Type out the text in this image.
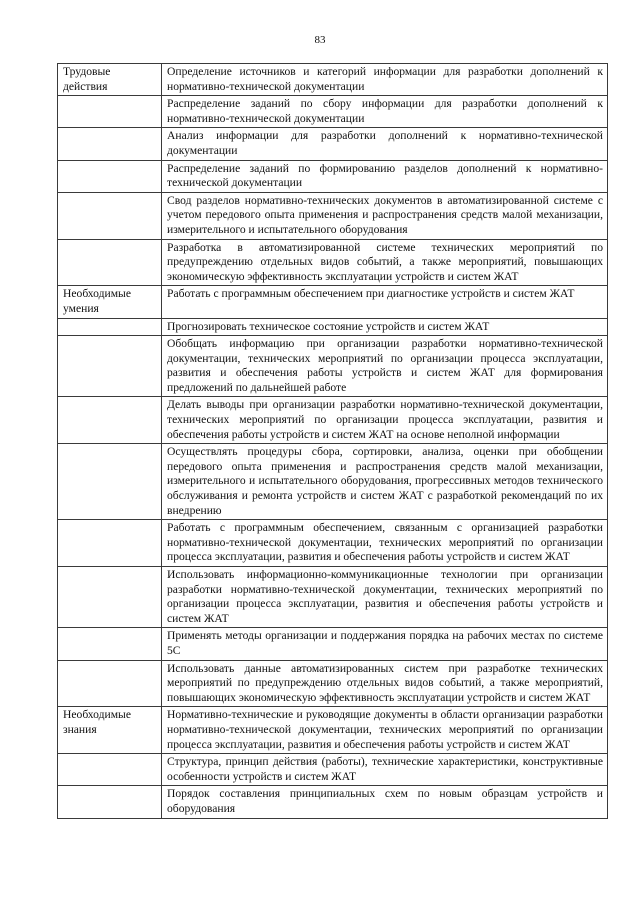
83
Трудовые действия	Определение источников и категорий информации для разработки дополнений к нормативно-технической документации
	Распределение заданий по сбору информации для разработки дополнений к нормативно-технической документации
	Анализ информации для разработки дополнений к нормативно-технической документации
	Распределение заданий по формированию разделов дополнений к нормативно-технической документации
	Свод разделов нормативно-технических документов в автоматизированной системе с учетом передового опыта применения и распространения средств малой механизации, измерительного и испытательного оборудования
	Разработка в автоматизированной системе технических мероприятий по предупреждению отдельных видов событий, а также мероприятий, повышающих экономическую эффективность эксплуатации устройств и систем ЖАТ
Необходимые умения	Работать с программным обеспечением при диагностике устройств и систем ЖАТ
	Прогнозировать техническое состояние устройств и систем ЖАТ
	Обобщать информацию при организации разработки нормативно-технической документации, технических мероприятий по организации процесса эксплуатации, развития и обеспечения работы устройств и систем ЖАТ для формирования предложений по дальнейшей работе
	Делать выводы при организации разработки нормативно-технической документации, технических мероприятий по организации процесса эксплуатации, развития и обеспечения работы устройств и систем ЖАТ на основе неполной информации
	Осуществлять процедуры сбора, сортировки, анализа, оценки при обобщении передового опыта применения и распространения средств малой механизации, измерительного и испытательного оборудования, прогрессивных методов технического обслуживания и ремонта устройств и систем ЖАТ с разработкой рекомендаций по их внедрению
	Работать с программным обеспечением, связанным с организацией разработки нормативно-технической документации, технических мероприятий по организации процесса эксплуатации, развития и обеспечения работы устройств и систем ЖАТ
	Использовать информационно-коммуникационные технологии при организации разработки нормативно-технической документации, технических мероприятий по организации процесса эксплуатации, развития и обеспечения работы устройств и систем ЖАТ
	Применять методы организации и поддержания порядка на рабочих местах по системе 5С
	Использовать данные автоматизированных систем при разработке технических мероприятий по предупреждению отдельных видов событий, а также мероприятий, повышающих экономическую эффективность эксплуатации устройств и систем ЖАТ
Необходимые знания	Нормативно-технические и руководящие документы в области организации разработки нормативно-технической документации, технических мероприятий по организации процесса эксплуатации, развития и обеспечения работы устройств и систем ЖАТ
	Структура, принцип действия (работы), технические характеристики, конструктивные особенности устройств и систем ЖАТ
	Порядок составления принципиальных схем по новым образцам устройств и оборудования
